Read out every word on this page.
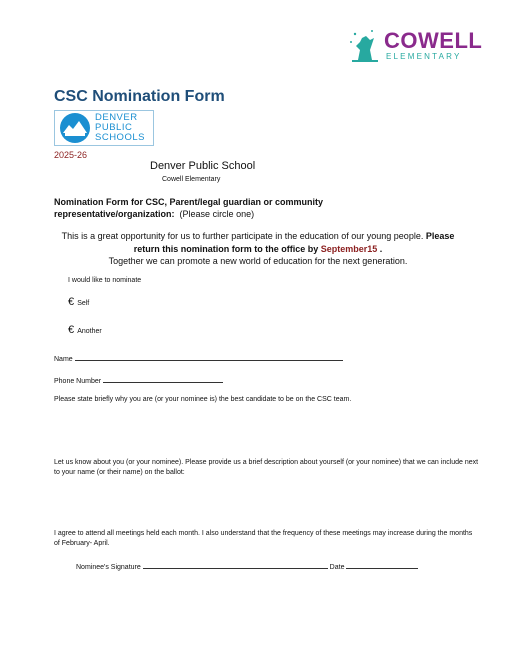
COWELL
ELEMENTARY
CSC Nomination Form
DENVER
PUBLIC
SCHOOLS
2025-26
Denver Public School
Cowell Elementary
Nomination Form for CSC, Parent/legal guardian or community representative/organization: (Please circle one)
This is a great opportunity for us to further participate in the education of our young people. Please return this nomination form to the office by September15 .
Together we can promote a new world of education for the next generation.
I would like to nominate
€ Self
€ Another
Name
Phone Number
Please state briefly why you are (or your nominee is) the best candidate to be on the CSC team.
Let us know about you (or your nominee). Please provide us a brief description about yourself (or your nominee) that we can include next to your name (or their name) on the ballot:
I agree to attend all meetings held each month. I also understand that the frequency of these meetings may increase during the months of February- April.
Nominee's Signature	Date
